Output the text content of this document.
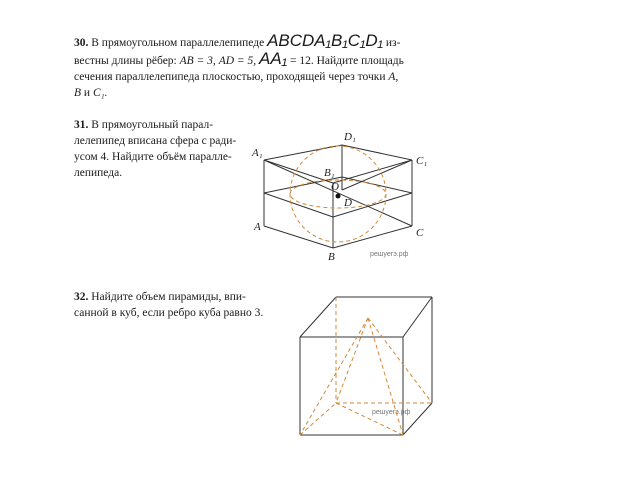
30. В прямоугольном параллелепипеде ABCDA₁B₁C₁D₁ из-
вестны длины рёбер: AB = 3, AD = 5, AA₁ = 12. Найдите площадь
сечения параллелепипеда плоскостью, проходящей через точки A,
B и C₁.
31. В прямоугольный парал-
лелепипед вписана сфера с ради-
усом 4. Найдите объём паралле-
лепипеда.
32. Найдите объем пирамиды, впи-
санной в куб, если ребро куба равно 3.
A₁
D₁
C₁
B₁
O
D
A
B
C
решуегэ.рф
решуегэ.рф
